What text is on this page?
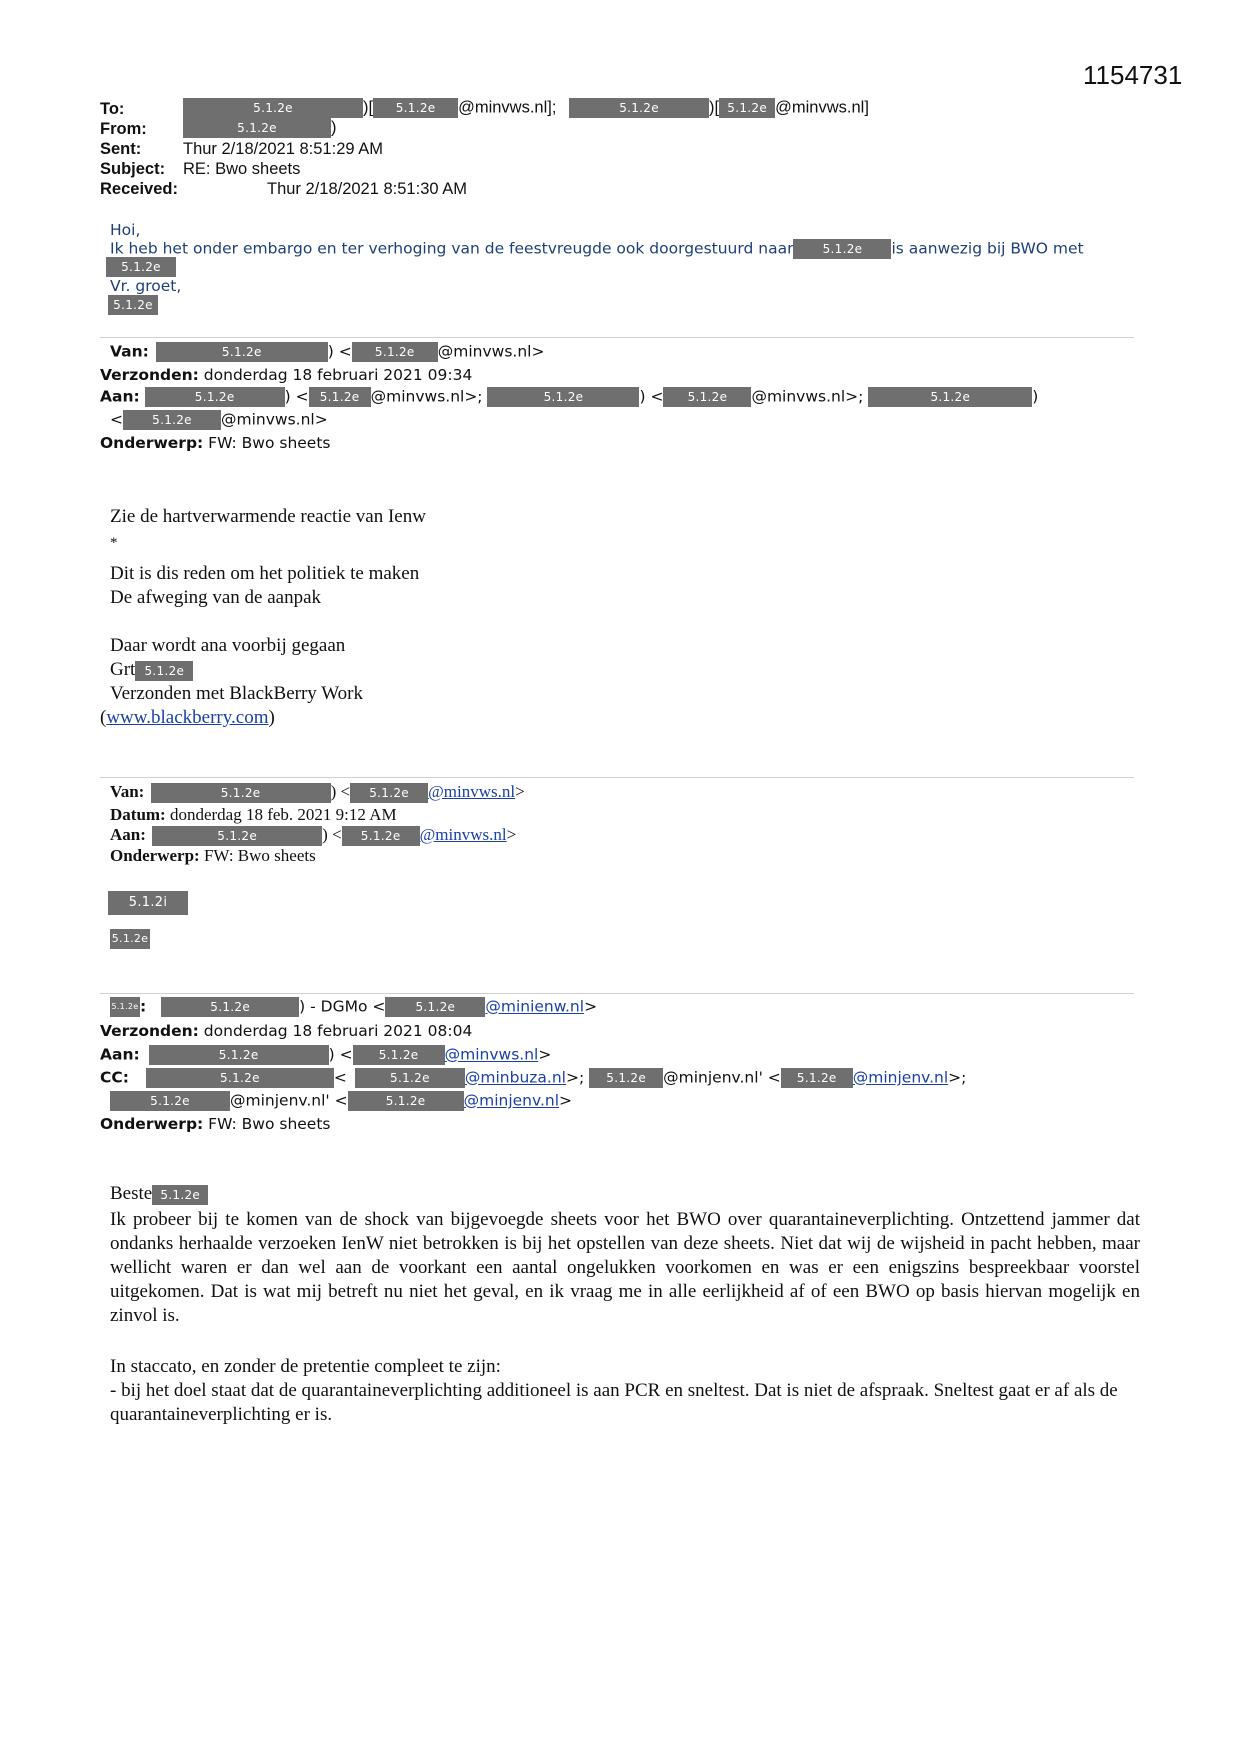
1154731
To:	5.1.2e	)[ 5.1.2e @minvws.nl];	5.1.2e	)[ 5.1.2e @minvws.nl]
From:	5.1.2e	)
Sent:	Thur 2/18/2021 8:51:29 AM
Subject: RE: Bwo sheets
Received:	Thur 2/18/2021 8:51:30 AM
Hoi,
Ik heb het onder embargo en ter verhoging van de feestvreugde ook doorgestuurd naar 5.1.2e is aanwezig bij BWO met
5.1.2e
Vr. groet,
5.1.2e
Van:	5.1.2e	) < 5.1.2e @minvws.nl>
Verzonden: donderdag 18 februari 2021 09:34
Aan:	5.1.2e	) < 5.1.2e @minvws.nl>;	5.1.2e	) < 5.1.2e @minvws.nl>;	5.1.2e	)
< 5.1.2e @minvws.nl>
Onderwerp: FW: Bwo sheets
Zie de hartverwarmende reactie van Ienw
*
Dit is dis reden om het politiek te maken
De afweging van de aanpak
Daar wordt ana voorbij gegaan
Grt 5.1.2e
Verzonden met BlackBerry Work
(www.blackberry.com)
Van:	5.1.2e	) < 5.1.2e @minvws.nl>
Datum: donderdag 18 feb. 2021 9:12 AM
Aan:	5.1.2e	) < 5.1.2e @minvws.nl>
Onderwerp: FW: Bwo sheets
5.1.2i
5.1.2e
5.1.2e:	5.1.2e	) - DGMo <	5.1.2e @minienw.nl>
Verzonden: donderdag 18 februari 2021 08:04
Aan:	5.1.2e	) < 5.1.2e @minvws.nl>
CC:	5.1.2e	<	5.1.2e @minbuza.nl>; 5.1.2e @minjenv.nl' < 5.1.2e @minjenv.nl>;
5.1.2e	@minjenv.nl' <	5.1.2e @minjenv.nl>
Onderwerp: FW: Bwo sheets
Beste 5.1.2e
Ik probeer bij te komen van de shock van bijgevoegde sheets voor het BWO over quarantaineverplichting. Ontzettend jammer dat ondanks herhaalde verzoeken IenW niet betrokken is bij het opstellen van deze sheets. Niet dat wij de wijsheid in pacht hebben, maar wellicht waren er dan wel aan de voorkant een aantal ongelukken voorkomen en was er een enigszins bespreekbaar voorstel uitgekomen. Dat is wat mij betreft nu niet het geval, en ik vraag me in alle eerlijkheid af of een BWO op basis hiervan mogelijk en zinvol is.
In staccato, en zonder de pretentie compleet te zijn:
- bij het doel staat dat de quarantaineverplichting additioneel is aan PCR en sneltest. Dat is niet de afspraak. Sneltest gaat er af als de quarantaineverplichting er is.
